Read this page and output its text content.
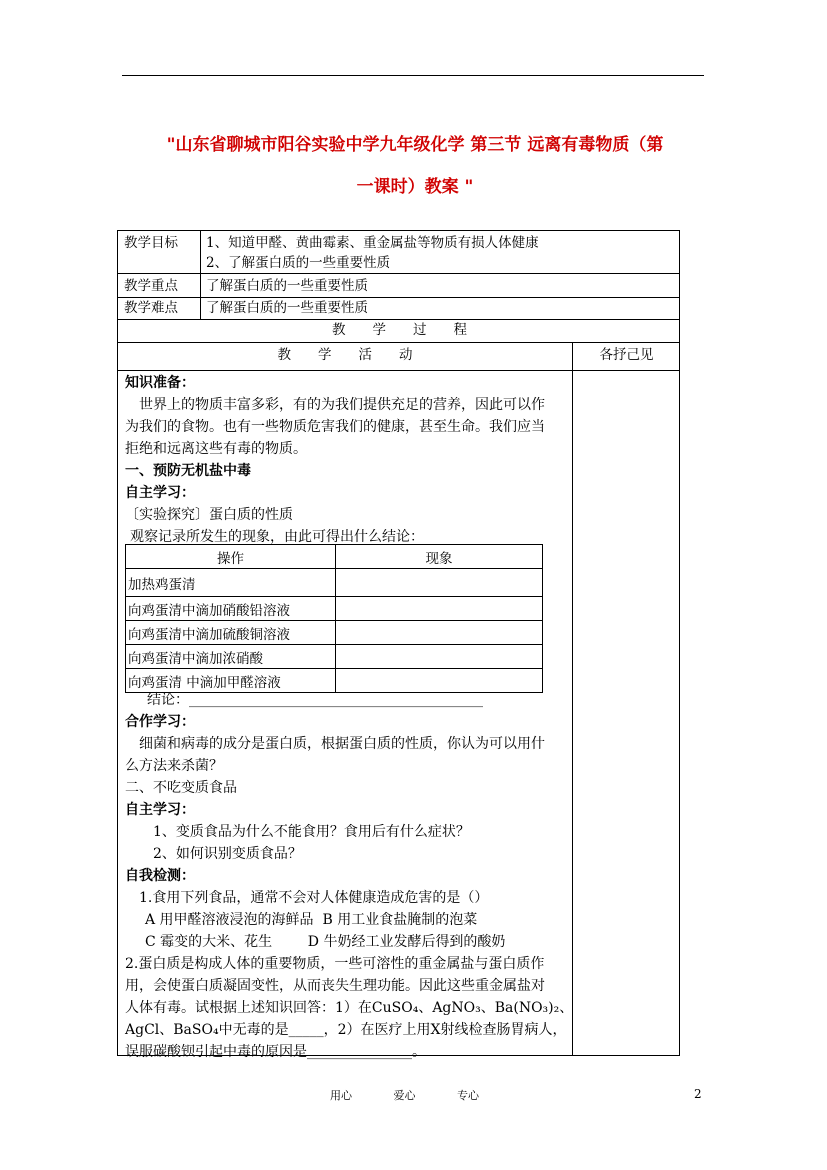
"山东省聊城市阳谷实验中学九年级化学 第三节 远离有毒物质（第
一课时）教案 "
教学目标 1、知道甲醛、黄曲霉素、重金属盐等物质有损人体健康
2、了解蛋白质的一些重要性质
教学重点 了解蛋白质的一些重要性质
教学难点 了解蛋白质的一些重要性质
教　　学　　过　　程
教　　学　　活　　动	各抒己见

知识准备：

世界上的物质丰富多彩，有的为我们提供充足的营养，因此可以作

为我们的食物。也有一些物质危害我们的健康，甚至生命。我们应当

拒绝和远离这些有毒的物质。

一、预防无机盐中毒

自主学习：

〔实验探究〕蛋白质的性质

观察记录所发生的现象，由此可得出什么结论：

操作	现象
加热鸡蛋清	
向鸡蛋清中滴加硝酸铅溶液	
向鸡蛋清中滴加硫酸铜溶液	
向鸡蛋清中滴加浓硝酸	
向鸡蛋清 中滴加甲醛溶液	

结论：__________________________________________

合作学习：

细菌和病毒的成分是蛋白质，根据蛋白质的性质，你认为可以用什

么方法来杀菌？

二、不吃变质食品

自主学习：

1、变质食品为什么不能食用？食用后有什么症状？

2、如何识别变质食品？

自我检测：

1.食用下列食品，通常不会对人体健康造成危害的是（）

A 用甲醛溶液浸泡的海鲜品  B 用工业食盐腌制的泡菜

C 霉变的大米、花生        D 牛奶经工业发酵后得到的酸奶

2.蛋白质是构成人体的重要物质，一些可溶性的重金属盐与蛋白质作

用，会使蛋白质凝固变性，从而丧失生理功能。因此这些重金属盐对

人体有毒。试根据上述知识回答：1）在CuSO₄、AgNO₃、Ba(NO₃)₂、

AgCl、BaSO₄中无毒的是_____，2）在医疗上用X射线检查肠胃病人，

误服碳酸钡引起中毒的原因是_______________。

用心	爱心	专心	2
